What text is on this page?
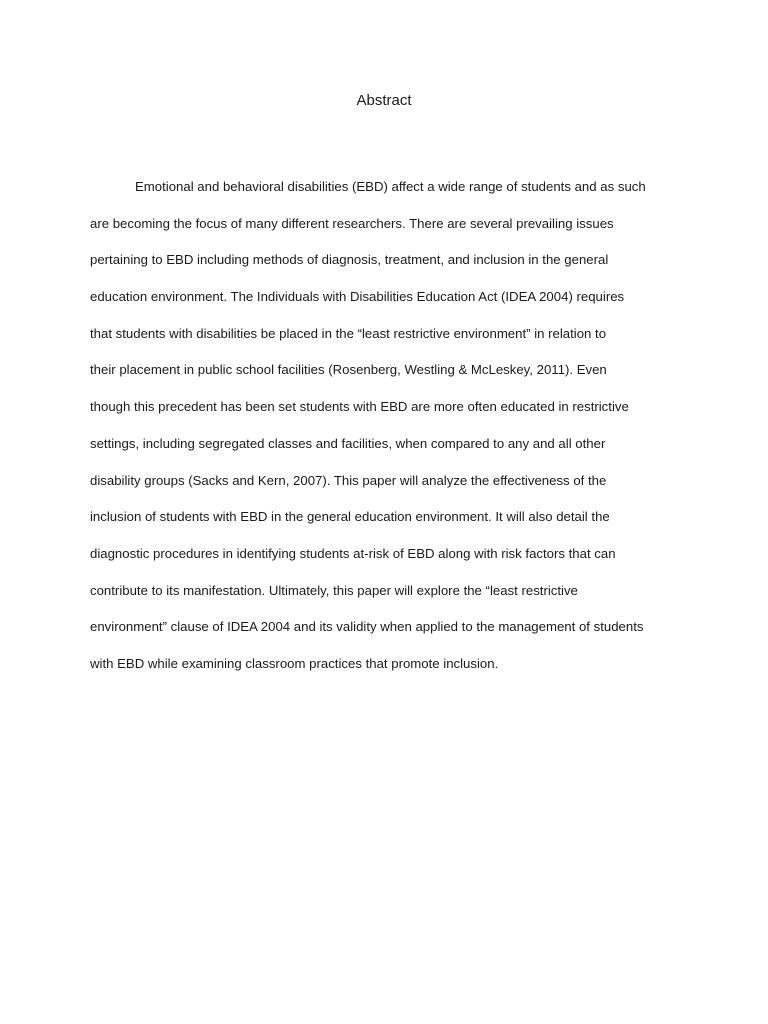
Abstract
Emotional and behavioral disabilities (EBD) affect a wide range of students and as such
are becoming the focus of many different researchers. There are several prevailing issues
pertaining to EBD including methods of diagnosis, treatment, and inclusion in the general
education environment. The Individuals with Disabilities Education Act (IDEA 2004) requires
that students with disabilities be placed in the “least restrictive environment” in relation to
their placement in public school facilities (Rosenberg, Westling & McLeskey, 2011). Even
though this precedent has been set students with EBD are more often educated in restrictive
settings, including segregated classes and facilities, when compared to any and all other
disability groups (Sacks and Kern, 2007). This paper will analyze the effectiveness of the
inclusion of students with EBD in the general education environment. It will also detail the
diagnostic procedures in identifying students at-risk of EBD along with risk factors that can
contribute to its manifestation. Ultimately, this paper will explore the “least restrictive
environment” clause of IDEA 2004 and its validity when applied to the management of students
with EBD while examining classroom practices that promote inclusion.
